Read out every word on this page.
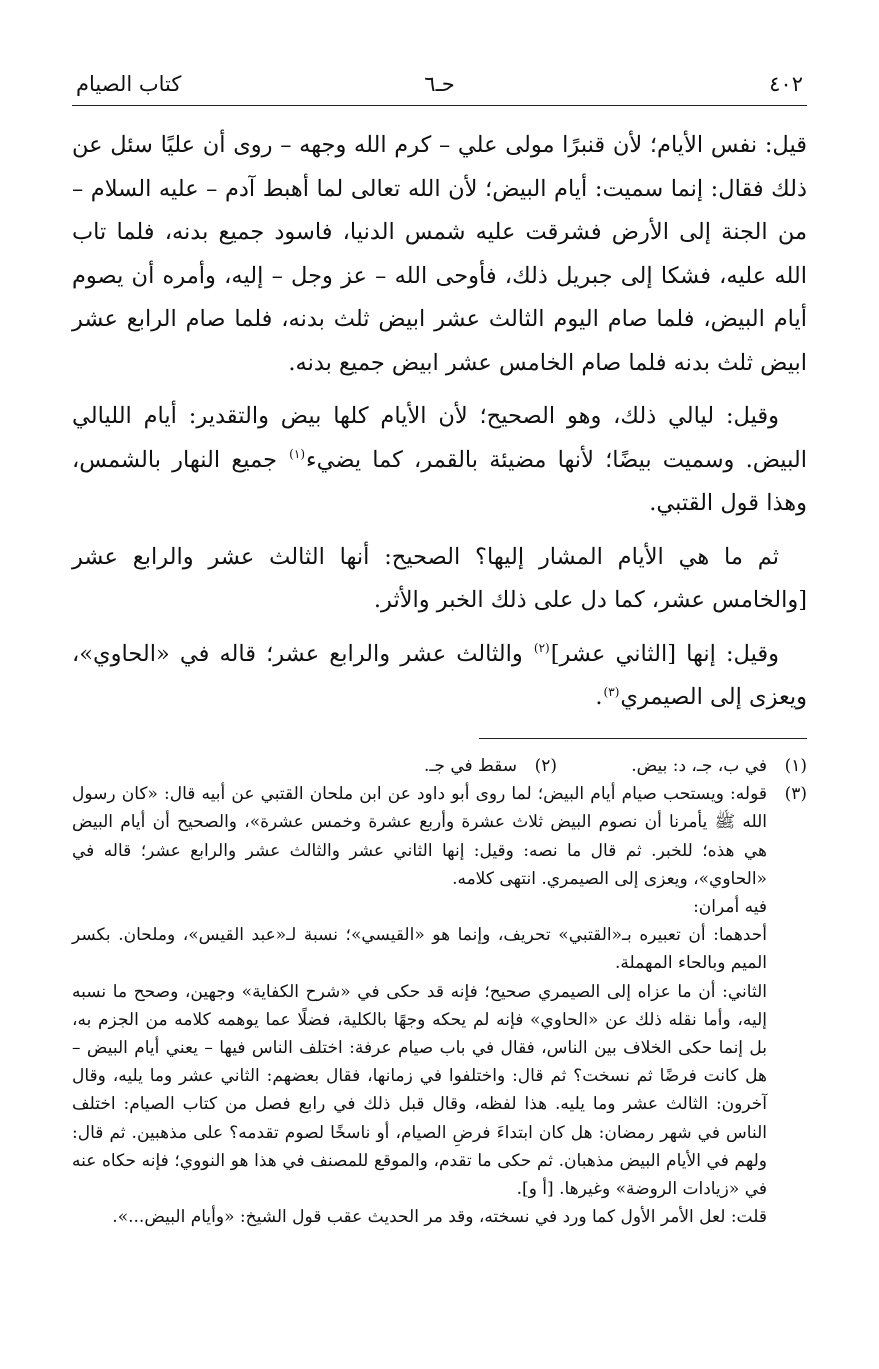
٤٠٢
حـ٦
كتاب الصيام

قيل: نفس الأيام؛ لأن قنبرًا مولى علي – كرم الله وجهه – روى أن عليًا سئل عن ذلك فقال: إنما سميت: أيام البيض؛ لأن الله تعالى لما أهبط آدم – عليه السلام – من الجنة إلى الأرض فشرقت عليه شمس الدنيا، فاسود جميع بدنه، فلما تاب الله عليه، فشكا إلى جبريل ذلك، فأوحى الله – عز وجل – إليه، وأمره أن يصوم أيام البيض، فلما صام اليوم الثالث عشر ابيض ثلث بدنه، فلما صام الرابع عشر ابيض ثلث بدنه فلما صام الخامس عشر ابيض جميع بدنه.

وقيل: ليالي ذلك، وهو الصحيح؛ لأن الأيام كلها بيض والتقدير: أيام الليالي البيض. وسميت بيضًا؛ لأنها مضيئة بالقمر، كما يضيء$^{(١)}$ جميع النهار بالشمس، وهذا قول القتبي.

ثم ما هي الأيام المشار إليها؟ الصحيح: أنها الثالث عشر والرابع عشر [والخامس عشر، كما دل على ذلك الخبر والأثر.

وقيل: إنها [الثاني عشر]$^{(٢)}$ والثالث عشر والرابع عشر؛ قاله في «الحاوي»، ويعزى إلى الصيمري$^{(٣)}$.

(١)
في ب، جـ، د: بيض.
(٢)
سقط في جـ.
(٣)

قوله: ويستحب صيام أيام البيض؛ لما روى أبو داود عن ابن ملحان القتبي عن أبيه قال: «كان رسول الله ﷺ يأمرنا أن نصوم البيض ثلاث عشرة وأربع عشرة وخمس عشرة»، والصحيح أن أيام البيض هي هذه؛ للخبر. ثم قال ما نصه: وقيل: إنها الثاني عشر والثالث عشر والرابع عشر؛ قاله في «الحاوي»، ويعزى إلى الصيمري. انتهى كلامه.

فيه أمران:

أحدهما: أن تعبيره بـ«القتبي» تحريف، وإنما هو «القيسي»؛ نسبة لـ«عبد القيس»، وملحان. بكسر الميم وبالحاء المهملة.

الثاني: أن ما عزاه إلى الصيمري صحيح؛ فإنه قد حكى في «شرح الكفاية» وجهين، وصحح ما نسبه إليه، وأما نقله ذلك عن «الحاوي» فإنه لم يحكه وجهًا بالكلية، فضلًا عما يوهمه كلامه من الجزم به، بل إنما حكى الخلاف بين الناس، فقال في باب صيام عرفة: اختلف الناس فيها – يعني أيام البيض – هل كانت فرضًا ثم نسخت؟ ثم قال: واختلفوا في زمانها، فقال بعضهم: الثاني عشر وما يليه، وقال آخرون: الثالث عشر وما يليه. هذا لفظه، وقال قبل ذلك في رابع فصل من كتاب الصيام: اختلف الناس في شهر رمضان: هل كان ابتداءَ فرضِ الصيام، أو ناسخًا لصوم تقدمه؟ على مذهبين. ثم قال: ولهم في الأيام البيض مذهبان. ثم حكى ما تقدم، والموقع للمصنف في هذا هو النووي؛ فإنه حكاه عنه في «زيادات الروضة» وغيرها. [أ و].

قلت: لعل الأمر الأول كما ورد في نسخته، وقد مر الحديث عقب قول الشيخ: «وأيام البيض...».
